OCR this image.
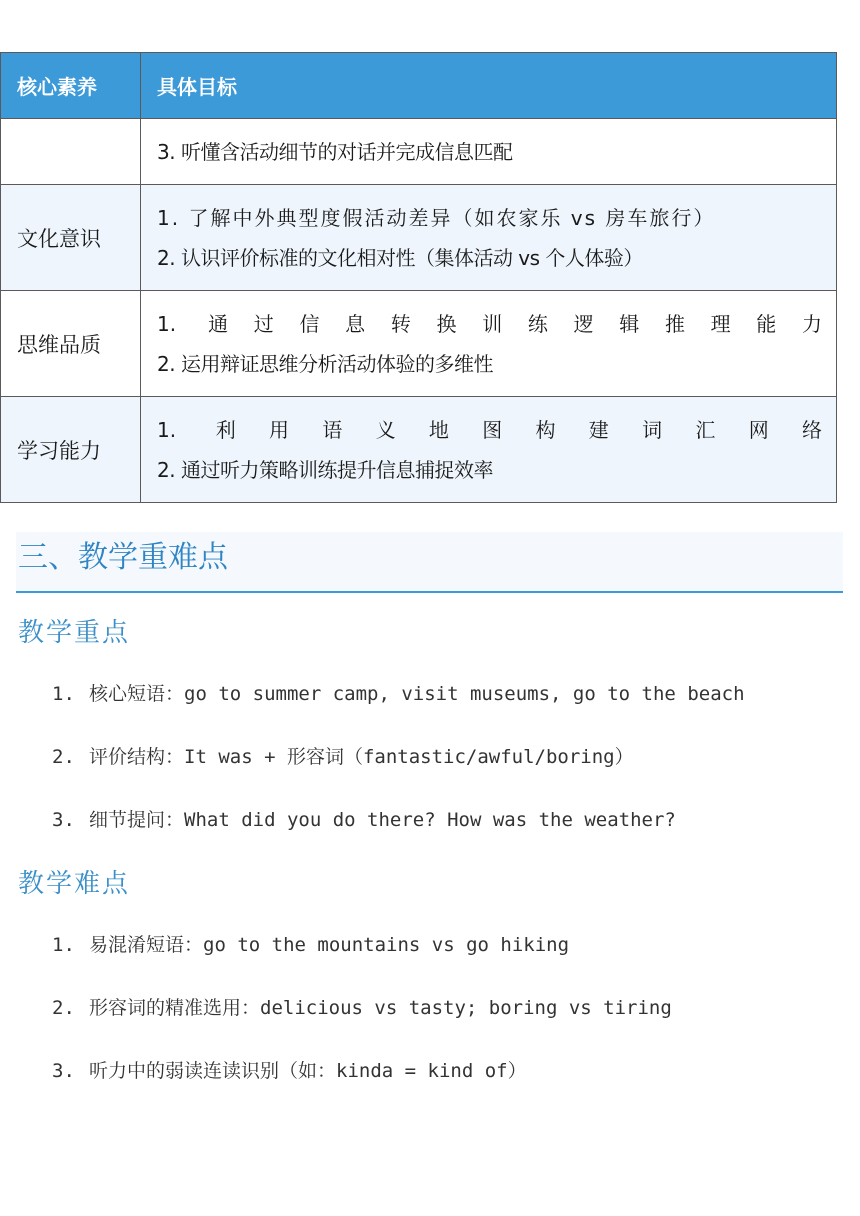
核心素养	具体目标

	3. 听懂含活动细节的对话并完成信息匹配

文化意识	1. 了解中外典型度假活动差异（如农家乐 vs 房车旅行）
2. 认识评价标准的文化相对性（集体活动 vs 个人体验）

思维品质	1. 通过信息转换训练逻辑推理能力
2. 运用辩证思维分析活动体验的多维性

学习能力	1. 利用语义地图构建词汇网络
2. 通过听力策略训练提升信息捕捉效率
三、教学重难点
教学重点
1. 核心短语：go to summer camp, visit museums, go to the beach
2. 评价结构：It was + 形容词（fantastic/awful/boring）
3. 细节提问：What did you do there? How was the weather?
教学难点
1. 易混淆短语：go to the mountains vs go hiking
2. 形容词的精准选用：delicious vs tasty; boring vs tiring
3. 听力中的弱读连读识别（如：kinda = kind of）
